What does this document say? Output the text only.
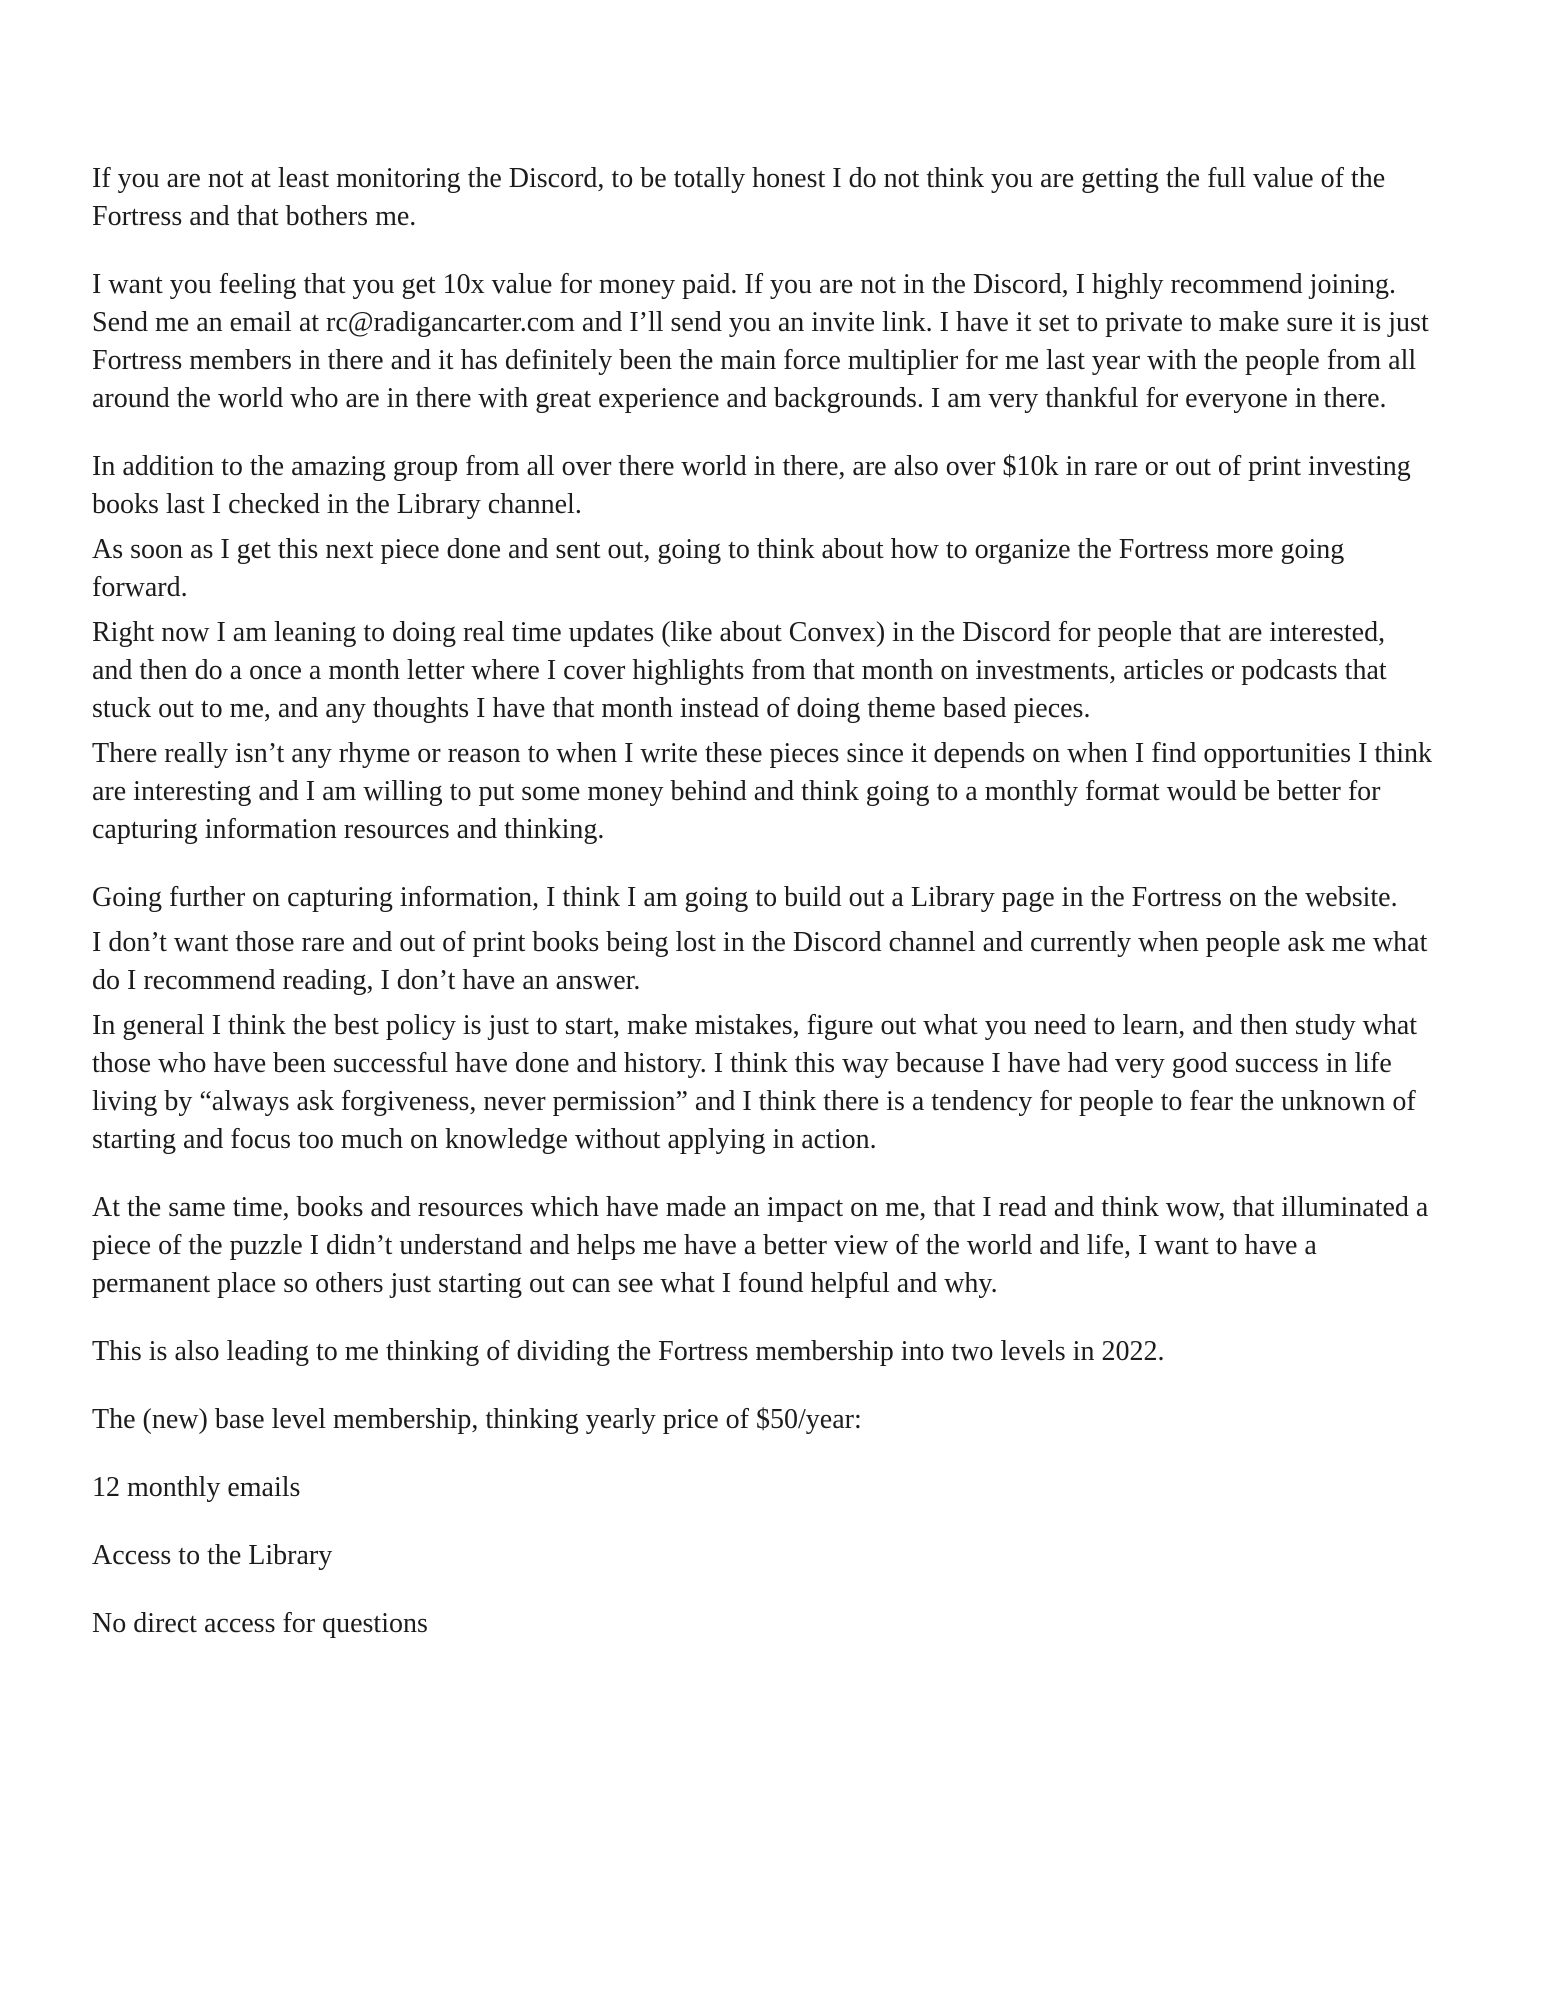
If you are not at least monitoring the Discord, to be totally honest I do not think you are getting the full value of the Fortress and that bothers me.

I want you feeling that you get 10x value for money paid. If you are not in the Discord, I highly recommend joining. Send me an email at rc@radigancarter.com and I’ll send you an invite link. I have it set to private to make sure it is just Fortress members in there and it has definitely been the main force multiplier for me last year with the people from all around the world who are in there with great experience and backgrounds. I am very thankful for everyone in there.

In addition to the amazing group from all over there world in there, are also over $10k in rare or out of print investing books last I checked in the Library channel.

As soon as I get this next piece done and sent out, going to think about how to organize the Fortress more going forward.

Right now I am leaning to doing real time updates (like about Convex) in the Discord for people that are interested, and then do a once a month letter where I cover highlights from that month on investments, articles or podcasts that stuck out to me, and any thoughts I have that month instead of doing theme based pieces.

There really isn’t any rhyme or reason to when I write these pieces since it depends on when I find opportunities I think are interesting and I am willing to put some money behind and think going to a monthly format would be better for capturing information resources and thinking.

Going further on capturing information, I think I am going to build out a Library page in the Fortress on the website.

I don’t want those rare and out of print books being lost in the Discord channel and currently when people ask me what do I recommend reading, I don’t have an answer.

In general I think the best policy is just to start, make mistakes, figure out what you need to learn, and then study what those who have been successful have done and history. I think this way because I have had very good success in life living by “always ask forgiveness, never permission” and I think there is a tendency for people to fear the unknown of starting and focus too much on knowledge without applying in action.

At the same time, books and resources which have made an impact on me, that I read and think wow, that illuminated a piece of the puzzle I didn’t understand and helps me have a better view of the world and life, I want to have a permanent place so others just starting out can see what I found helpful and why.

This is also leading to me thinking of dividing the Fortress membership into two levels in 2022.

The (new) base level membership, thinking yearly price of $50/year:

12 monthly emails

Access to the Library

No direct access for questions
